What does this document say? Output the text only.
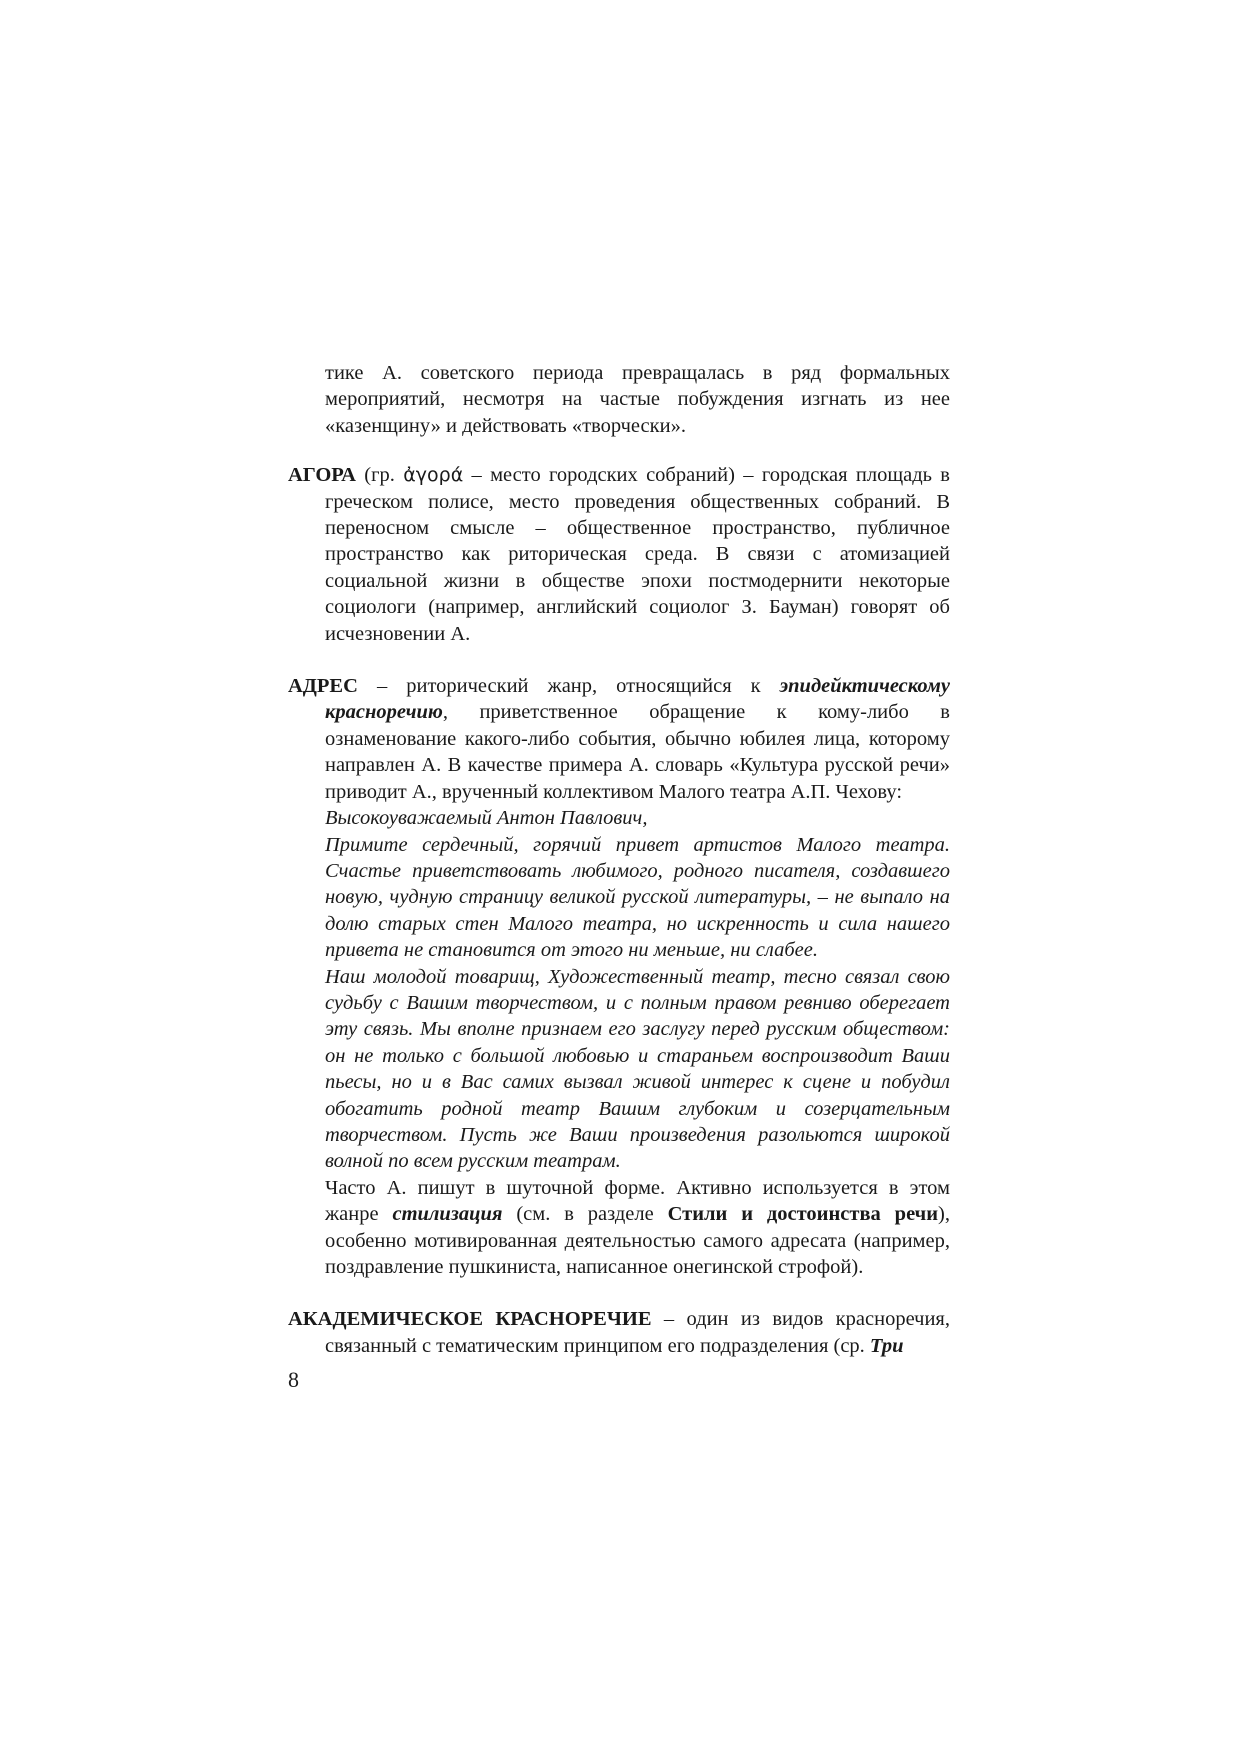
тике А. советского периода превращалась в ряд формальных мероприятий, несмотря на частые побуждения изгнать из нее «казенщину» и действовать «творчески».

АГОРА (гр. ἀγορά – место городских собраний) – городская площадь в греческом полисе, место проведения общественных собраний. В переносном смысле – общественное пространство, публичное пространство как риторическая среда. В связи с атомизацией социальной жизни в обществе эпохи постмодернити некоторые социологи (например, английский социолог З. Бауман) говорят об исчезновении А.

АДРЕС – риторический жанр, относящийся к эпидейктическому красноречию, приветственное обращение к кому-либо в ознаменование какого-либо события, обычно юбилея лица, которому направлен А. В качестве примера А. словарь «Культура русской речи» приводит А., врученный коллективом Малого театра А.П. Чехову:

Высокоуважаемый Антон Павлович,

Примите сердечный, горячий привет артистов Малого театра. Счастье приветствовать любимого, родного писателя, создавшего новую, чудную страницу великой русской литературы, – не выпало на долю старых стен Малого театра, но искренность и сила нашего привета не становится от этого ни меньше, ни слабее.

Наш молодой товарищ, Художественный театр, тесно связал свою судьбу с Вашим творчеством, и с полным правом ревниво оберегает эту связь. Мы вполне признаем его заслугу перед русским обществом: он не только с большой любовью и стараньем воспроизводит Ваши пьесы, но и в Вас самих вызвал живой интерес к сцене и побудил обогатить родной театр Вашим глубоким и созерцательным творчеством. Пусть же Ваши произведения разольются широкой волной по всем русским театрам.

Часто А. пишут в шуточной форме. Активно используется в этом жанре стилизация (см. в разделе Стили и достоинства речи), особенно мотивированная деятельностью самого адресата (например, поздравление пушкиниста, написанное онегинской строфой).

АКАДЕМИЧЕСКОЕ КРАСНОРЕЧИЕ – один из видов красноречия, связанный с тематическим принципом его подразделения (ср. Три

8
